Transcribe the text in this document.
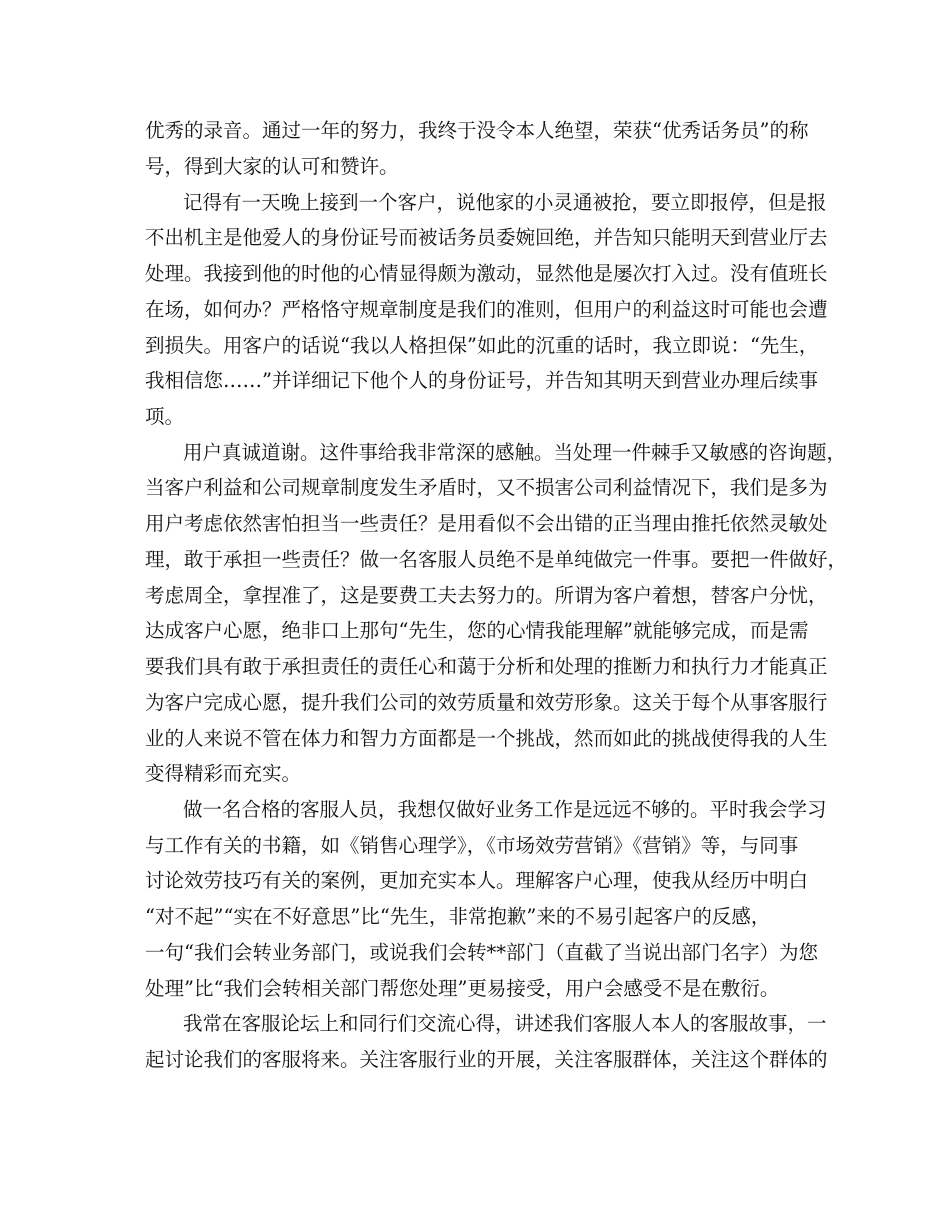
优秀的录音。通过一年的努力，我终于没令本人绝望，荣获“优秀话务员”的称
号，得到大家的认可和赞许。
记得有一天晚上接到一个客户，说他家的小灵通被抢，要立即报停，但是报
不出机主是他爱人的身份证号而被话务员委婉回绝，并告知只能明天到营业厅去
处理。我接到他的时他的心情显得颇为激动，显然他是屡次打入过。没有值班长
在场，如何办？严格恪守规章制度是我们的准则，但用户的利益这时可能也会遭
到损失。用客户的话说“我以人格担保”如此的沉重的话时，我立即说：“先生，
我相信您……”并详细记下他个人的身份证号，并告知其明天到营业办理后续事
项。
用户真诚道谢。这件事给我非常深的感触。当处理一件棘手又敏感的咨询题，
当客户利益和公司规章制度发生矛盾时，又不损害公司利益情况下，我们是多为
用户考虑依然害怕担当一些责任？是用看似不会出错的正当理由推托依然灵敏处
理，敢于承担一些责任？做一名客服人员绝不是单纯做完一件事。要把一件做好，
考虑周全，拿捏准了，这是要费工夫去努力的。所谓为客户着想，替客户分忧，
达成客户心愿，绝非口上那句“先生，您的心情我能理解”就能够完成，而是需
要我们具有敢于承担责任的责任心和蔼于分析和处理的推断力和执行力才能真正
为客户完成心愿，提升我们公司的效劳质量和效劳形象。这关于每个从事客服行
业的人来说不管在体力和智力方面都是一个挑战，然而如此的挑战使得我的人生
变得精彩而充实。
做一名合格的客服人员，我想仅做好业务工作是远远不够的。平时我会学习
与工作有关的书籍，如《销售心理学》，《市场效劳营销》《营销》等，与同事
讨论效劳技巧有关的案例，更加充实本人。理解客户心理，使我从经历中明白
“对不起”“实在不好意思”比“先生，非常抱歉”来的不易引起客户的反感，
一句“我们会转业务部门，或说我们会转**部门（直截了当说出部门名字）为您
处理”比“我们会转相关部门帮您处理”更易接受，用户会感受不是在敷衍。
我常在客服论坛上和同行们交流心得，讲述我们客服人本人的客服故事，一
起讨论我们的客服将来。关注客服行业的开展，关注客服群体，关注这个群体的
